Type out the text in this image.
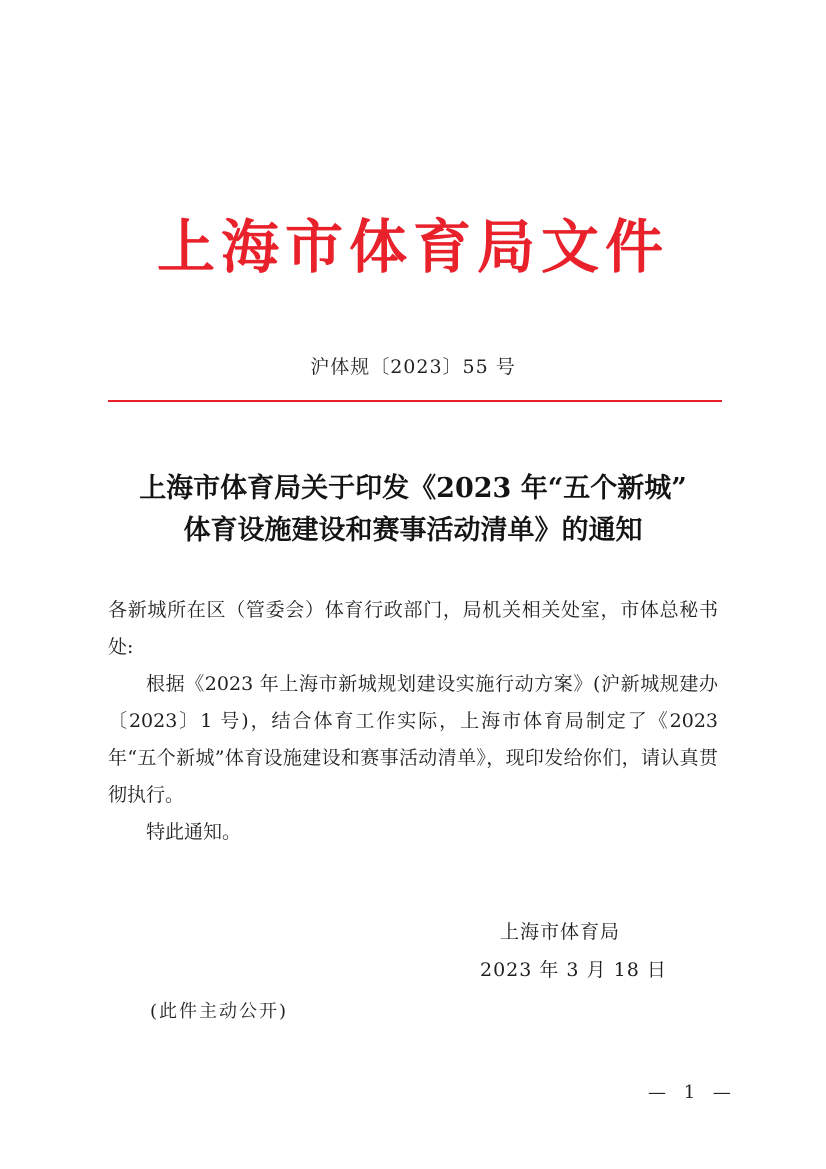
上海市体育局文件
沪体规〔2023〕55 号
上海市体育局关于印发《2023 年“五个新城”
体育设施建设和赛事活动清单》的通知

各新城所在区（管委会）体育行政部门，局机关相关处室，市体总秘书处:

根据《2023 年上海市新城规划建设实施行动方案》(沪新城规建办〔2023〕1 号)，结合体育工作实际，上海市体育局制定了《2023 年“五个新城”体育设施建设和赛事活动清单》，现印发给你们，请认真贯彻执行。

特此通知。

上海市体育局
2023 年 3 月 18 日
(此件主动公开)
— 1 —
